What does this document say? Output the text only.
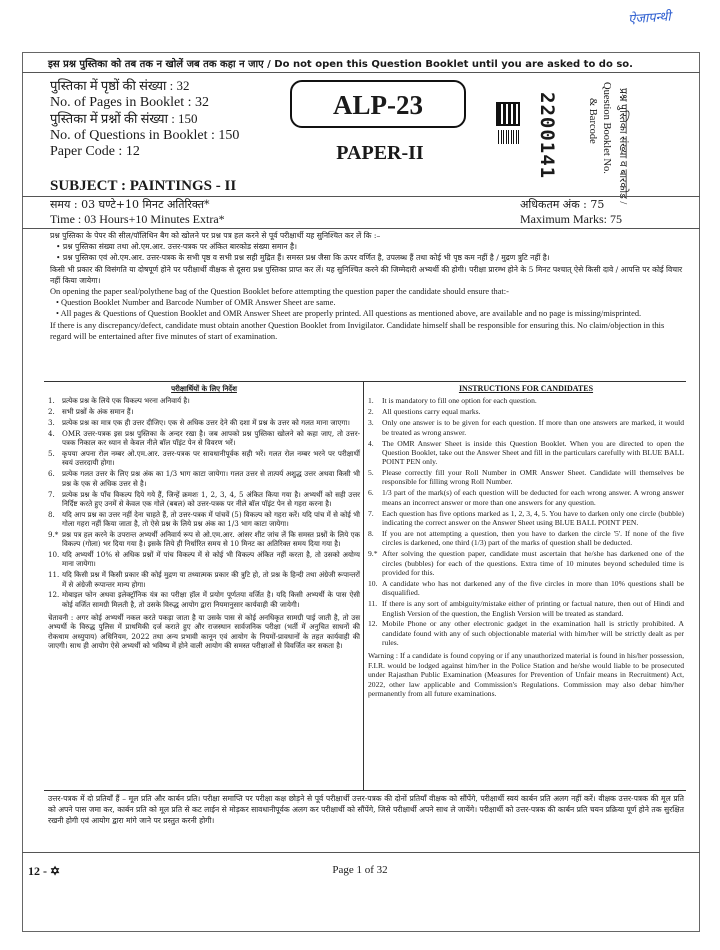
ऐजापन्थी
इस प्रश्न पुस्तिका को तब तक न खोलें जब तक कहा न जाए / Do not open this Question Booklet until you are asked to do so.
पुस्तिका में पृष्ठों की संख्या : 32
No. of Pages in Booklet : 32
पुस्तिका में प्रश्नों की संख्या : 150
No. of Questions in Booklet : 150
Paper Code : 12
ALP-23
PAPER-II	2200141	प्रश्न पुस्तिका संख्या व बारकोड /
Question Booklet No.
& Barcode
SUBJECT : PAINTINGS - II
समय : 03 घण्टे+10 मिनट अतिरिक्त*
Time : 03 Hours+10 Minutes Extra*
अधिकतम अंक : 75
Maximum Marks: 75
प्रश्न पुस्तिका के पेपर की सील/पॉलिथिन बैग को खोलने पर प्रश्न पत्र हल करने से पूर्व परीक्षार्थी यह सुनिश्चित कर लें कि :–
• प्रश्न पुस्तिका संख्या तथा ओ.एम.आर. उत्तर-पत्रक पर अंकित बारकोड संख्या समान है।
• प्रश्न पुस्तिका एवं ओ.एम.आर. उत्तर-पत्रक के सभी पृष्ठ व सभी प्रश्न सही मुद्रित हैं। समस्त प्रश्न जैसा कि ऊपर वर्णित है, उपलब्ध हैं तथा कोई भी पृष्ठ कम नहीं है / मुद्रण त्रुटि नहीं है।
किसी भी प्रकार की विसंगति या दोषपूर्ण होने पर परीक्षार्थी वीक्षक से दूसरा प्रश्न पुस्तिका प्राप्त कर लें। यह सुनिश्चित करने की जिम्मेदारी अभ्यर्थी की होगी। परीक्षा प्रारम्भ होने के 5 मिनट पश्चात् ऐसे किसी दावे / आपत्ति पर कोई विचार नहीं किया जायेगा।
On opening the paper seal/polythene bag of the Question Booklet before attempting the question paper the candidate should ensure that:-
• Question Booklet Number and Barcode Number of OMR Answer Sheet are same.
• All pages & Questions of Question Booklet and OMR Answer Sheet are properly printed. All questions as mentioned above, are available and no page is missing/misprinted.
If there is any discrepancy/defect, candidate must obtain another Question Booklet from Invigilator. Candidate himself shall be responsible for ensuring this. No claim/objection in this regard will be entertained after five minutes of start of examination.
परीक्षार्थियों के लिए निर्देश
1. प्रत्येक प्रश्न के लिये एक विकल्प भरना अनिवार्य है।
2. सभी प्रश्नों के अंक समान हैं।
3. प्रत्येक प्रश्न का मात्र एक ही उत्तर दीजिए। एक से अधिक उत्तर देने की दशा में प्रश्न के उत्तर को गलत माना जाएगा।
4. OMR उत्तर-पत्रक इस प्रश्न पुस्तिका के अन्दर रखा है। जब आपको प्रश्न पुस्तिका खोलने को कहा जाए, तो उत्तर-पत्रक निकाल कर ध्यान से केवल नीले बॉल पॉइंट पेन से विवरण भरें।
5. कृपया अपना रोल नम्बर ओ.एम.आर. उत्तर-पत्रक पर सावधानीपूर्वक सही भरें। गलत रोल नम्बर भरने पर परीक्षार्थी स्वयं उत्तरदायी होगा।
6. प्रत्येक गलत उत्तर के लिए प्रश्न अंक का 1/3 भाग काटा जायेगा। गलत उत्तर से तात्पर्य अशुद्ध उत्तर अथवा किसी भी प्रश्न के एक से अधिक उत्तर से है।
7. प्रत्येक प्रश्न के पाँच विकल्प दिये गये हैं, जिन्हें क्रमशः 1, 2, 3, 4, 5 अंकित किया गया है। अभ्यर्थी को सही उत्तर निर्दिष्ट करते हुए उनमें से केवल एक गोले (बबल) को उत्तर-पत्रक पर नीले बॉल पॉइंट पेन से गहरा करना है।
8. यदि आप प्रश्न का उत्तर नहीं देना चाहते हैं, तो उत्तर-पत्रक में पांचवें (5) विकल्प को गहरा करें। यदि पांच में से कोई भी गोला गहरा नहीं किया जाता है, तो ऐसे प्रश्न के लिये प्रश्न अंक का 1/3 भाग काटा जायेगा।
9.* प्रश्न पत्र हल करने के उपरान्त अभ्यर्थी अनिवार्य रूप से ओ.एम.आर. आंसर शीट जांच लें कि समस्त प्रश्नों के लिये एक विकल्प (गोला) भर दिया गया है। इसके लिये ही निर्धारित समय से 10 मिनट का अतिरिक्त समय दिया गया है।
10. यदि अभ्यर्थी 10% से अधिक प्रश्नों में पांच विकल्प में से कोई भी विकल्प अंकित नहीं करता है, तो उसको अयोग्य माना जायेगा।
11. यदि किसी प्रश्न में किसी प्रकार की कोई मुद्रण या तथ्यात्मक प्रकार की त्रुटि हो, तो प्रश्न के हिन्दी तथा अंग्रेजी रूपान्तरों में से अंग्रेजी रूपान्तर मान्य होगा।
12. मोबाइल फोन अथवा इलेक्ट्रॉनिक यंत्र का परीक्षा हॉल में प्रयोग पूर्णतया वर्जित है। यदि किसी अभ्यर्थी के पास ऐसी कोई वर्जित सामग्री मिलती है, तो उसके विरुद्ध आयोग द्वारा नियमानुसार कार्यवाही की जायेगी।
चेतावनी : अगर कोई अभ्यर्थी नकल करते पकड़ा जाता है या उसके पास से कोई अनधिकृत सामग्री पाई जाती है, तो उस अभ्यर्थी के विरुद्ध पुलिस में प्राथमिकी दर्ज कराते हुए और राजस्थान सार्वजनिक परीक्षा (भर्ती में अनुचित साधनों की रोकथाम अध्युपाय) अधिनियम, 2022 तथा अन्य प्रभावी कानून एवं आयोग के नियमों-प्रावधानों के तहत कार्यवाही की जाएगी। साथ ही आयोग ऐसे अभ्यर्थी को भविष्य में होने वाली आयोग की समस्त परीक्षाओं से विवर्जित कर सकता है।
INSTRUCTIONS FOR CANDIDATES
1. It is mandatory to fill one option for each question.
2. All questions carry equal marks.
3. Only one answer is to be given for each question. If more than one answers are marked, it would be treated as wrong answer.
4. The OMR Answer Sheet is inside this Question Booklet. When you are directed to open the Question Booklet, take out the Answer Sheet and fill in the particulars carefully with BLUE BALL POINT PEN only.
5. Please correctly fill your Roll Number in OMR Answer Sheet. Candidate will themselves be responsible for filling wrong Roll Number.
6. 1/3 part of the mark(s) of each question will be deducted for each wrong answer. A wrong answer means an incorrect answer or more than one answers for any question.
7. Each question has five options marked as 1, 2, 3, 4, 5. You have to darken only one circle (bubble) indicating the correct answer on the Answer Sheet using BLUE BALL POINT PEN.
8. If you are not attempting a question, then you have to darken the circle '5'. If none of the five circles is darkened, one third (1/3) part of the marks of question shall be deducted.
9.* After solving the question paper, candidate must ascertain that he/she has darkened one of the circles (bubbles) for each of the questions. Extra time of 10 minutes beyond scheduled time is provided for this.
10. A candidate who has not darkened any of the five circles in more than 10% questions shall be disqualified.
11. If there is any sort of ambiguity/mistake either of printing or factual nature, then out of Hindi and English Version of the question, the English Version will be treated as standard.
12. Mobile Phone or any other electronic gadget in the examination hall is strictly prohibited. A candidate found with any of such objectionable material with him/her will be strictly dealt as per rules.
Warning : If a candidate is found copying or if any unauthorized material is found in his/her possession, F.I.R. would be lodged against him/her in the Police Station and he/she would liable to be prosecuted under Rajasthan Public Examination (Measures for Prevention of Unfair means in Recruitment) Act, 2022, other law applicable and Commission's Regulations. Commission may also debar him/her permanently from all future examinations.
उत्तर-पत्रक में दो प्रतियाँ हैं – मूल प्रति और कार्बन प्रति। परीक्षा समाप्ति पर परीक्षा कक्ष छोड़ने से पूर्व परीक्षार्थी उत्तर-पत्रक की दोनों प्रतियाँ वीक्षक को सौंपेंगे, परीक्षार्थी स्वयं कार्बन प्रति अलग नहीं करें। वीक्षक उत्तर-पत्रक की मूल प्रति को अपने पास जमा कर, कार्बन प्रति को मूल प्रति से कट लाईन से मोड़कर सावधानीपूर्वक अलग कर परीक्षार्थी को सौंपेंगे, जिसे परीक्षार्थी अपने साथ ले जायेंगे। परीक्षार्थी को उत्तर-पत्रक की कार्बन प्रति चयन प्रक्रिया पूर्ण होने तक सुरक्षित रखनी होगी एवं आयोग द्वारा मांगे जाने पर प्रस्तुत करनी होगी।
12 - ✡	Page 1 of 32
